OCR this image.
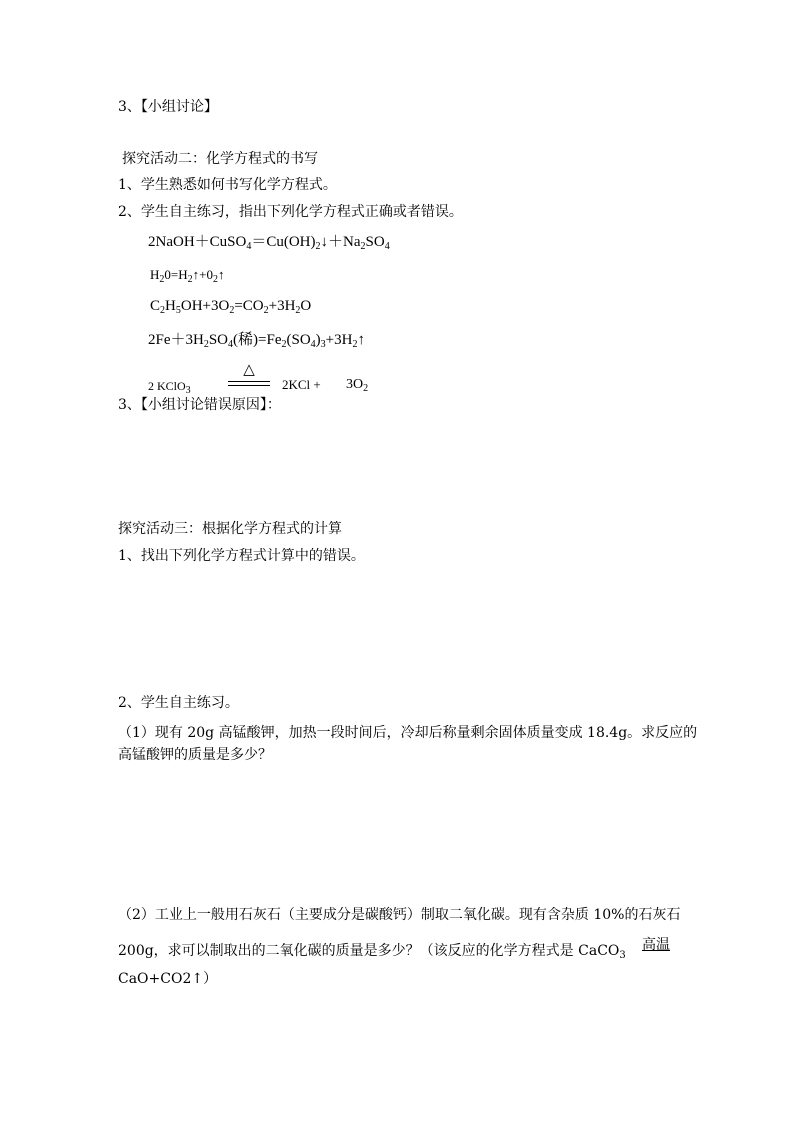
3、【小组讨论】
探究活动二：化学方程式的书写
1、学生熟悉如何书写化学方程式。
2、学生自主练习，指出下列化学方程式正确或者错误。
$2NaOH+CuSO_4=Cu(OH)_2↓+Na_2SO_4$
$H_20=H_2↑+0_2↑$
$C_2H_5OH+3O_2=CO_2+3H_2O$
$2Fe+3H_2SO_4$(稀)$=Fe_2(SO_4)_3+3H_2↑$
2 KClO$_3$
△
$2KCl + 3O_2$
3、【小组讨论错误原因】：
探究活动三：根据化学方程式的计算
1、找出下列化学方程式计算中的错误。
2、学生自主练习。
（1）现有 20g 高锰酸钾，加热一段时间后，冷却后称量剩余固体质量变成 18.4g。求反应的
高锰酸钾的质量是多少？
（2）工业上一般用石灰石（主要成分是碳酸钙）制取二氧化碳。现有含杂质 10%的石灰石
200g，求可以制取出的二氧化碳的质量是多少？（该反应的化学方程式是 CaCO$_3$
高温
CaO+CO2↑）
